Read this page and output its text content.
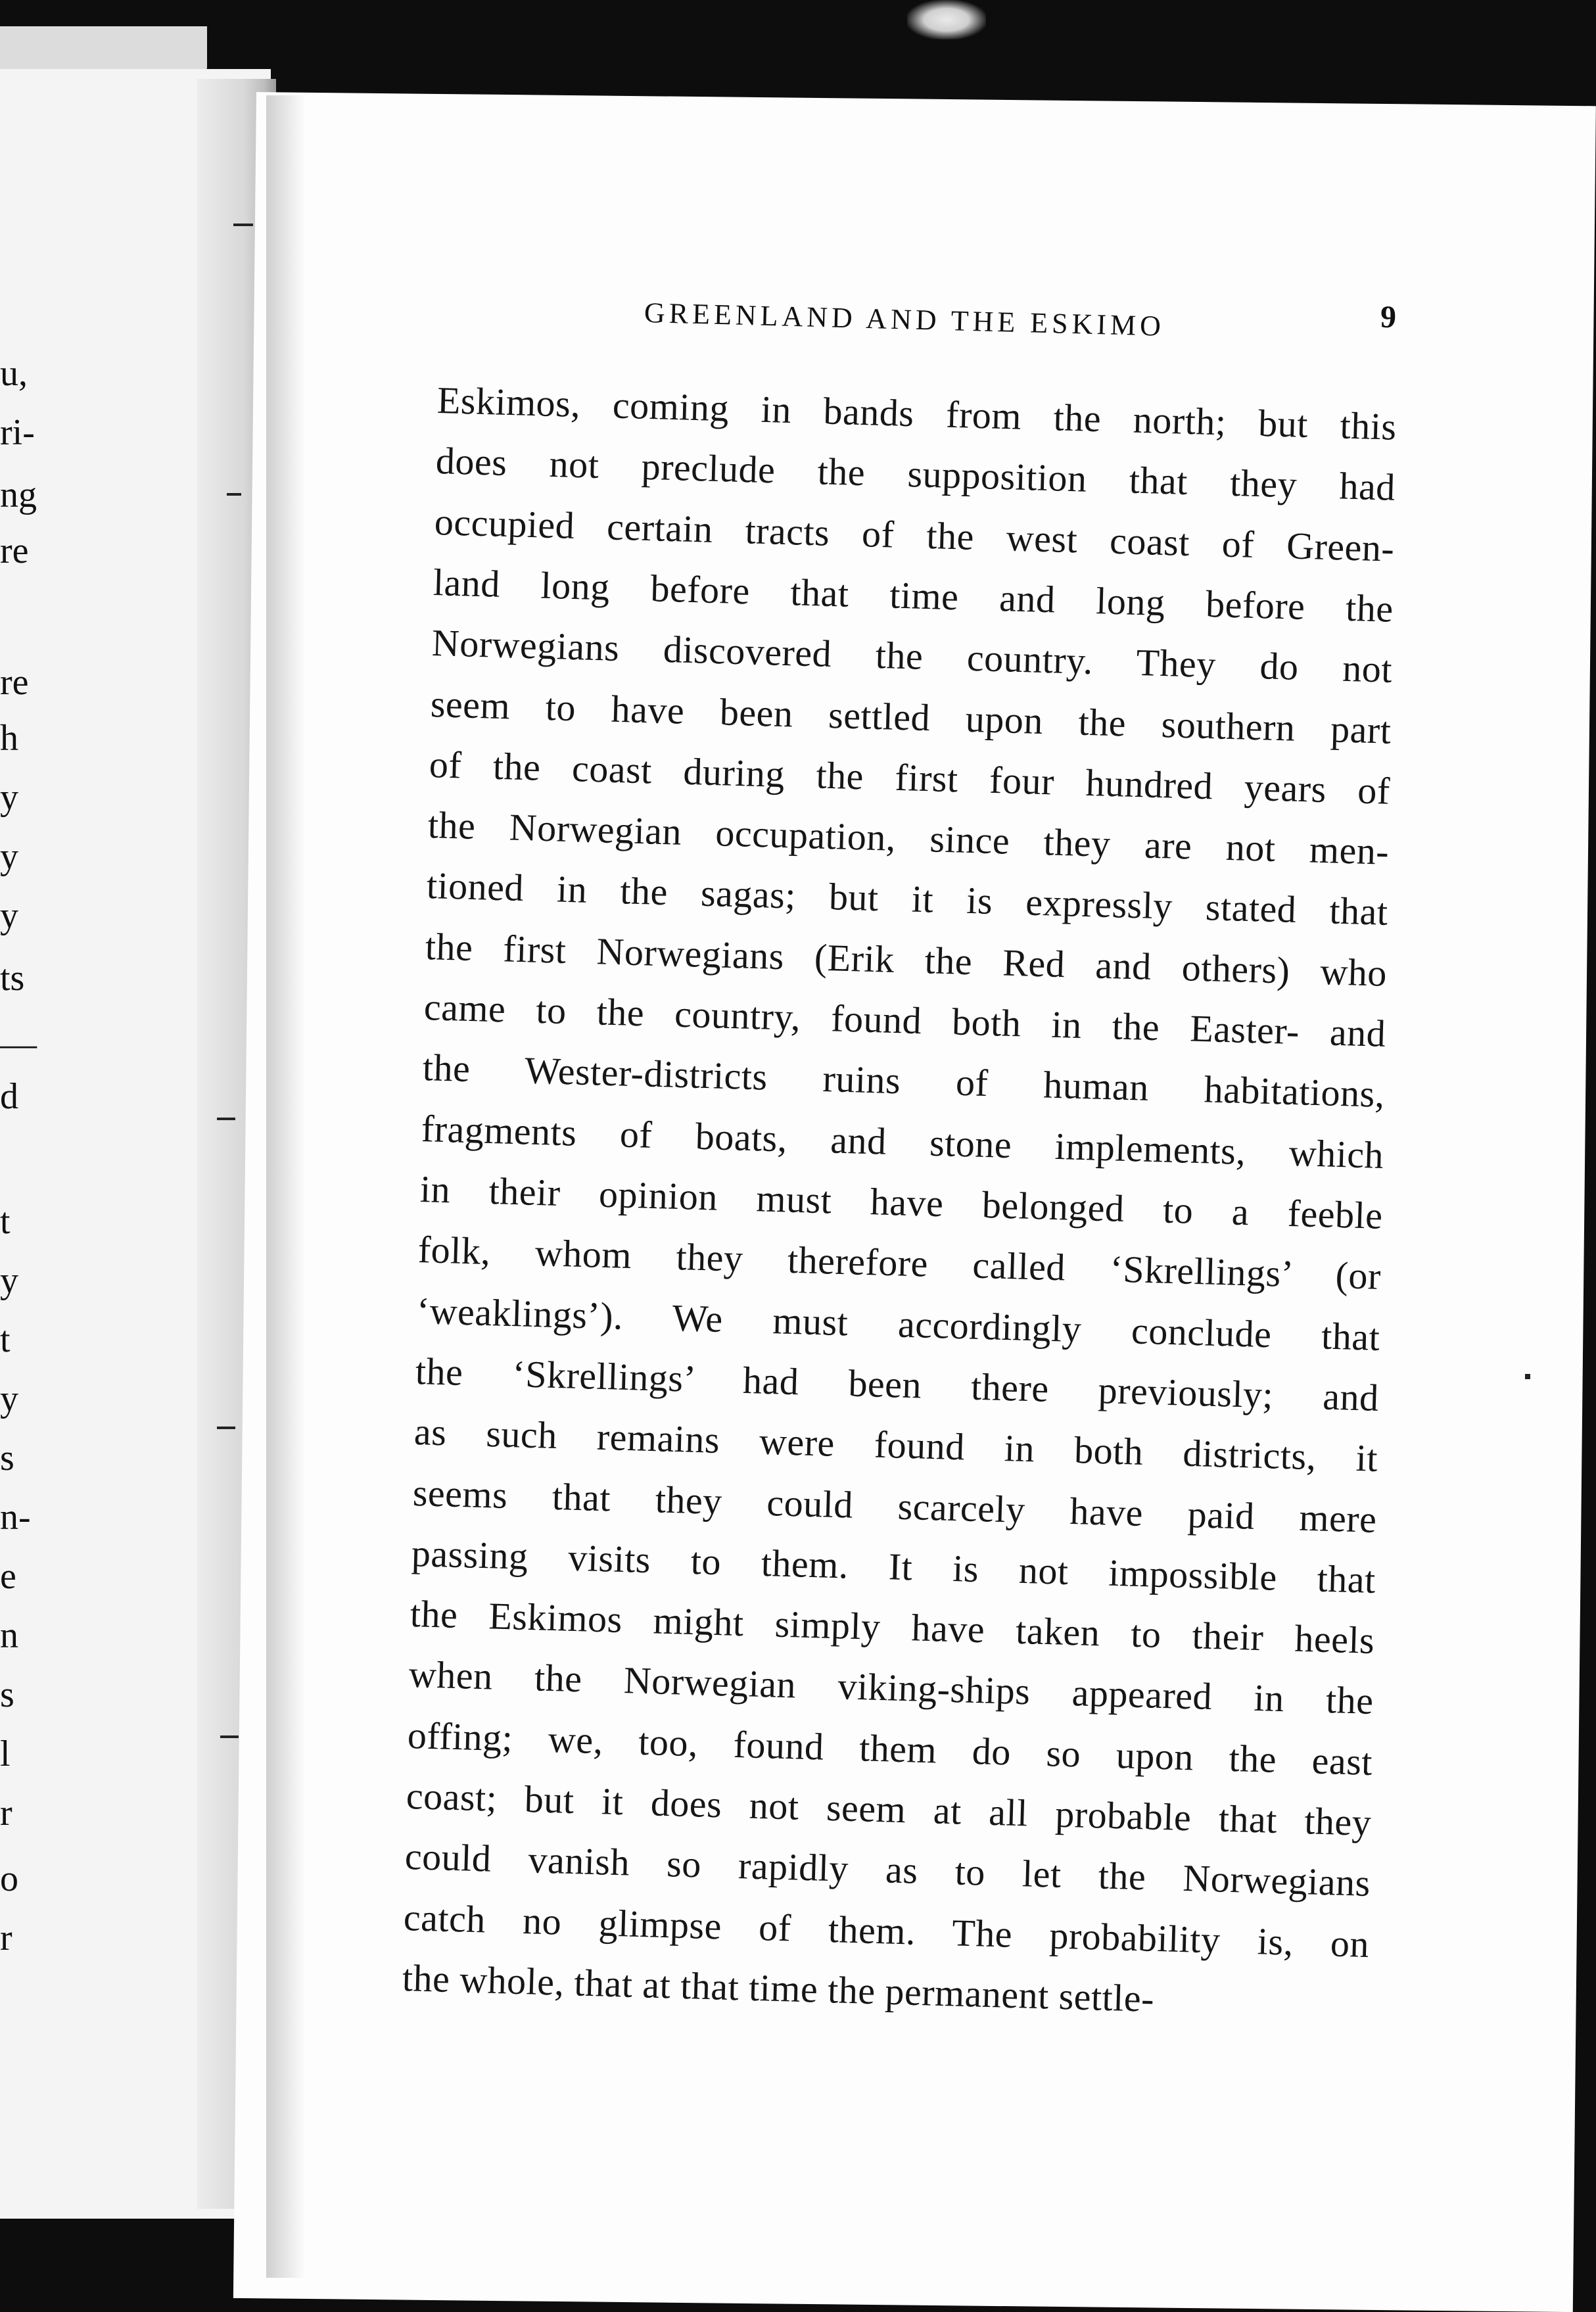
u,
ri-
ng
re
re
h
y
y
y
ts
—
d
t
y
t
y
s
n-
e
n
s
l
r
o
r
GREENLAND AND THE ESKIMO	9
Eskimos, coming in bands from the north; but this
does not preclude the supposition that they had
occupied certain tracts of the west coast of Green-
land long before that time and long before the
Norwegians discovered the country. They do not
seem to have been settled upon the southern part
of the coast during the first four hundred years of
the Norwegian occupation, since they are not men-
tioned in the sagas; but it is expressly stated that
the first Norwegians (Erik the Red and others) who
came to the country, found both in the Easter- and
the Wester-districts ruins of human habitations,
fragments of boats, and stone implements, which
in their opinion must have belonged to a feeble
folk, whom they therefore called ‘Skrellings’ (or
‘weaklings’). We must accordingly conclude that
the ‘Skrellings’ had been there previously; and
as such remains were found in both districts, it
seems that they could scarcely have paid mere
passing visits to them. It is not impossible that
the Eskimos might simply have taken to their heels
when the Norwegian viking-ships appeared in the
offing; we, too, found them do so upon the east
coast; but it does not seem at all probable that they
could vanish so rapidly as to let the Norwegians
catch no glimpse of them. The probability is, on
the whole, that at that time the permanent settle-
